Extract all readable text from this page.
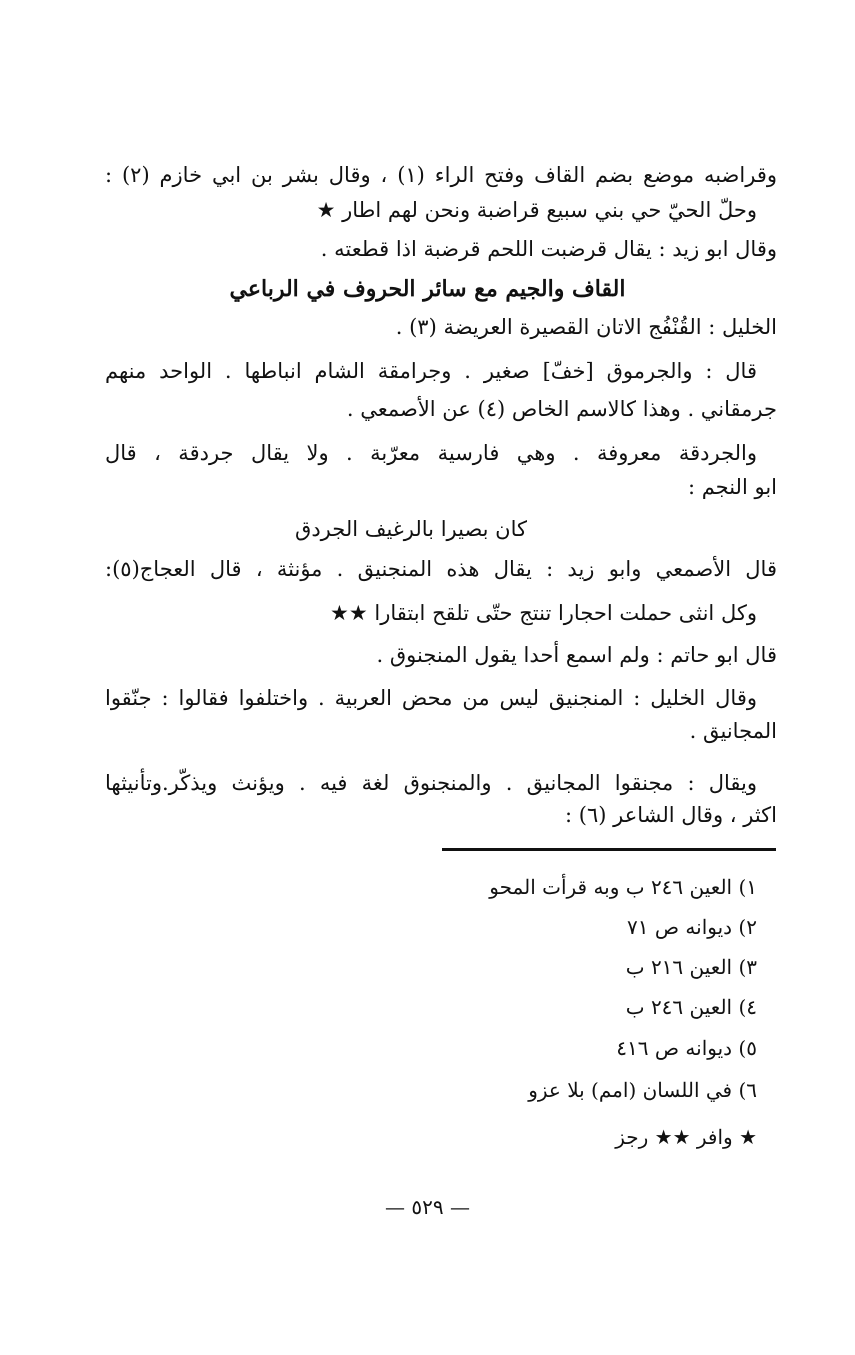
وقراضبه موضع بضم القاف وفتح الراء (١) ، وقال بشر بن ابي خازم (٢) :
وحلّ الحيّ حي بني سبيع قراضبة ونحن لهم اطار ★
وقال ابو زيد : يقال قرضبت اللحم قرضبة اذا قطعته .
القاف والجيم مع سائر الحروف في الرباعي
الخليل : القُنْفُج الاتان القصيرة العريضة (٣) .
قال : والجرموق [خفّ] صغير . وجرامقة الشام انباطها . الواحد منهم
جرمقاني . وهذا كالاسم الخاص (٤) عن الأصمعي .
والجردقة معروفة . وهي فارسية معرّبة . ولا يقال جردقة ، قال
ابو النجم :
كان بصيرا بالرغيف الجردق
قال الأصمعي وابو زيد : يقال هذه المنجنيق . مؤنثة ، قال العجاج(٥):
وكل انثى حملت احجارا تنتج حتّى تلقح ابتقارا ★★
قال ابو حاتم : ولم اسمع أحدا يقول المنجنوق .
وقال الخليل : المنجنيق ليس من محض العربية . واختلفوا فقالوا : جنّقوا
المجانيق .
ويقال : مجنقوا المجانيق . والمنجنوق لغة فيه . ويؤنث ويذكّر.وتأنيثها
اكثر ، وقال الشاعر (٦) :
١) العين ٢٤٦ ب وبه قرأت المحو
٢) ديوانه ص ٧١
٣) العين ٢١٦ ب
٤) العين ٢٤٦ ب
٥) ديوانه ص ٤١٦
٦) في اللسان (امم) بلا عزو
★ وافر ★★ رجز
— ٥٢٩ —
